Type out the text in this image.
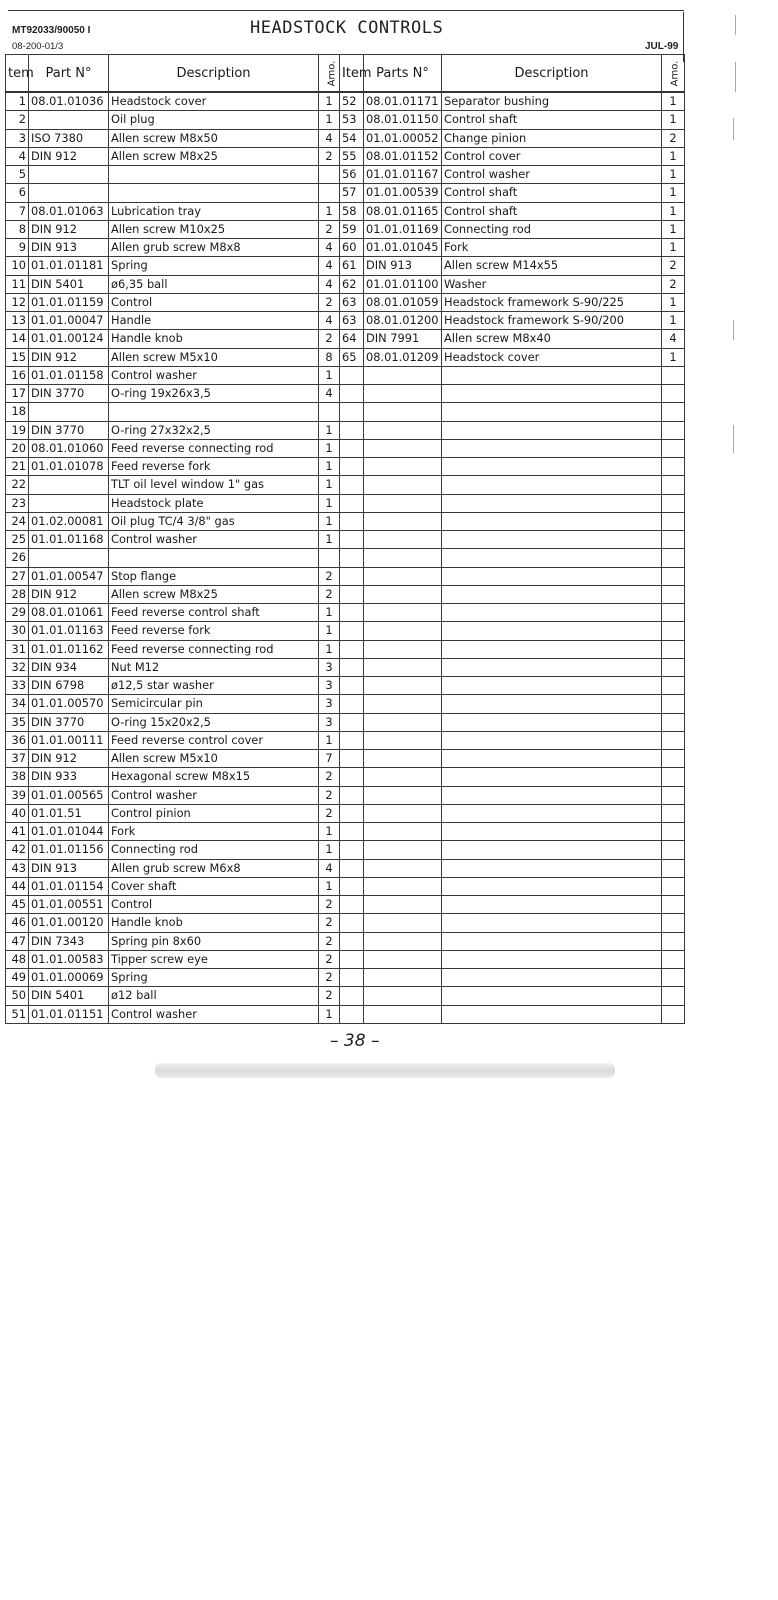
MT92033/90050 I
08-200-01/3
HEADSTOCK CONTROLS
JUL-99
tem	Part N°	Description	Amo.	Item	Parts N°	Description	Amo.
1	08.01.01036	Headstock cover	1	52	08.01.01171	Separator bushing	1
2		Oil plug	1	53	08.01.01150	Control shaft	1
3	ISO 7380	Allen screw M8x50	4	54	01.01.00052	Change pinion	2
4	DIN 912	Allen screw M8x25	2	55	08.01.01152	Control cover	1
5				56	01.01.01167	Control washer	1
6				57	01.01.00539	Control shaft	1
7	08.01.01063	Lubrication tray	1	58	08.01.01165	Control shaft	1
8	DIN 912	Allen screw M10x25	2	59	01.01.01169	Connecting rod	1
9	DIN 913	Allen grub screw M8x8	4	60	01.01.01045	Fork	1
10	01.01.01181	Spring	4	61	DIN 913	Allen screw M14x55	2
11	DIN 5401	ø6,35 ball	4	62	01.01.01100	Washer	2
12	01.01.01159	Control	2	63	08.01.01059	Headstock framework S-90/225	1
13	01.01.00047	Handle	4	63	08.01.01200	Headstock framework S-90/200	1
14	01.01.00124	Handle knob	2	64	DIN 7991	Allen screw M8x40	4
15	DIN 912	Allen screw M5x10	8	65	08.01.01209	Headstock cover	1
16	01.01.01158	Control washer	1				
17	DIN 3770	O-ring 19x26x3,5	4				
18							
19	DIN 3770	O-ring 27x32x2,5	1				
20	08.01.01060	Feed reverse connecting rod	1				
21	01.01.01078	Feed reverse fork	1				
22		TLT oil level window 1" gas	1				
23		Headstock plate	1				
24	01.02.00081	Oil plug TC/4 3/8" gas	1				
25	01.01.01168	Control washer	1				
26							
27	01.01.00547	Stop flange	2				
28	DIN 912	Allen screw M8x25	2				
29	08.01.01061	Feed reverse control shaft	1				
30	01.01.01163	Feed reverse fork	1				
31	01.01.01162	Feed reverse connecting rod	1				
32	DIN 934	Nut M12	3				
33	DIN 6798	ø12,5 star washer	3				
34	01.01.00570	Semicircular pin	3				
35	DIN 3770	O-ring 15x20x2,5	3				
36	01.01.00111	Feed reverse control cover	1				
37	DIN 912	Allen screw M5x10	7				
38	DIN 933	Hexagonal screw M8x15	2				
39	01.01.00565	Control washer	2				
40	01.01.51	Control pinion	2				
41	01.01.01044	Fork	1				
42	01.01.01156	Connecting rod	1				
43	DIN 913	Allen grub screw M6x8	4				
44	01.01.01154	Cover shaft	1				
45	01.01.00551	Control	2				
46	01.01.00120	Handle knob	2				
47	DIN 7343	Spring pin 8x60	2				
48	01.01.00583	Tipper screw eye	2				
49	01.01.00069	Spring	2				
50	DIN 5401	ø12 ball	2				
51	01.01.01151	Control washer	1				
– 38 –
